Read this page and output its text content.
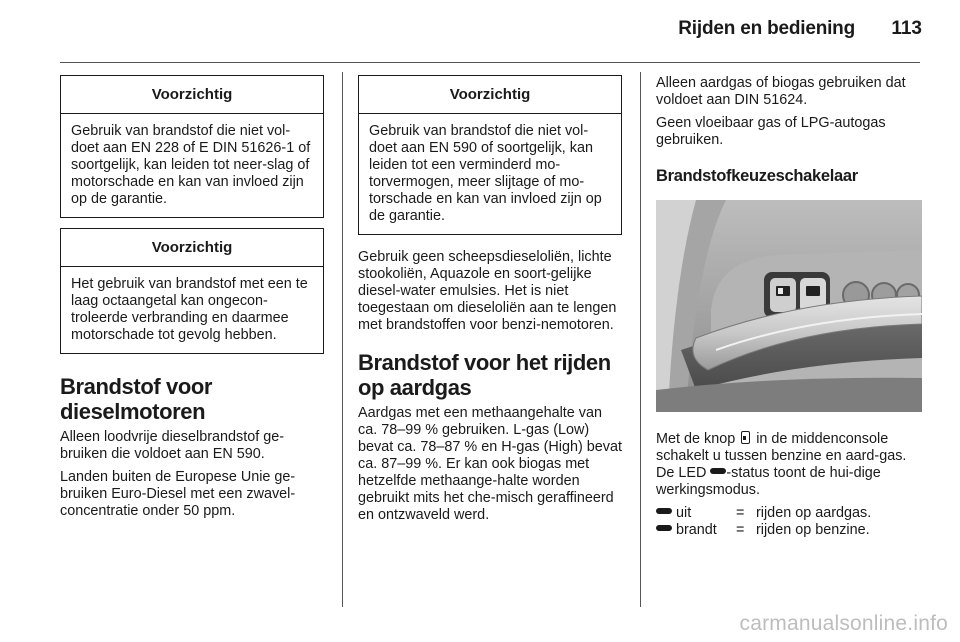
Rijden en bediening 113
Voorzichtig
Gebruik van brandstof die niet vol-doet aan EN 228 of E DIN 51626-1 of soortgelijk, kan leiden tot neer-slag of motorschade en kan van invloed zijn op de garantie.
Voorzichtig
Het gebruik van brandstof met een te laag octaangetal kan ongecon-troleerde verbranding en daarmee motorschade tot gevolg hebben.
Brandstof voor dieselmotoren
Alleen loodvrije dieselbrandstof ge-bruiken die voldoet aan EN 590.
Landen buiten de Europese Unie ge-bruiken Euro-Diesel met een zwavel-concentratie onder 50 ppm.
Voorzichtig
Gebruik van brandstof die niet vol-doet aan EN 590 of soortgelijk, kan leiden tot een verminderd mo-torvermogen, meer slijtage of mo-torschade en kan van invloed zijn op de garantie.
Gebruik geen scheepsdieseloliën, lichte stookoliën, Aquazole en soort-gelijke diesel-water emulsies. Het is niet toegestaan om dieseloliën aan te lengen met brandstoffen voor benzi-nemotoren.
Brandstof voor het rijden op aardgas
Aardgas met een methaangehalte van ca. 78–99 % gebruiken. L-gas (Low) bevat ca. 78–87 % en H-gas (High) bevat ca. 87–99 %. Er kan ook biogas met hetzelfde methaange-halte worden gebruikt mits het che-misch geraffineerd en ontzwaveld werd.
Alleen aardgas of biogas gebruiken dat voldoet aan DIN 51624.
Geen vloeibaar gas of LPG-autogas gebruiken.
Brandstofkeuzeschakelaar
Met de knop in de middenconsole schakelt u tussen benzine en aard-gas. De LED -status toont de hui-dige werkingsmodus.
uit	=	rijden op aardgas.
brandt	=	rijden op benzine.
carmanualsonline.info
